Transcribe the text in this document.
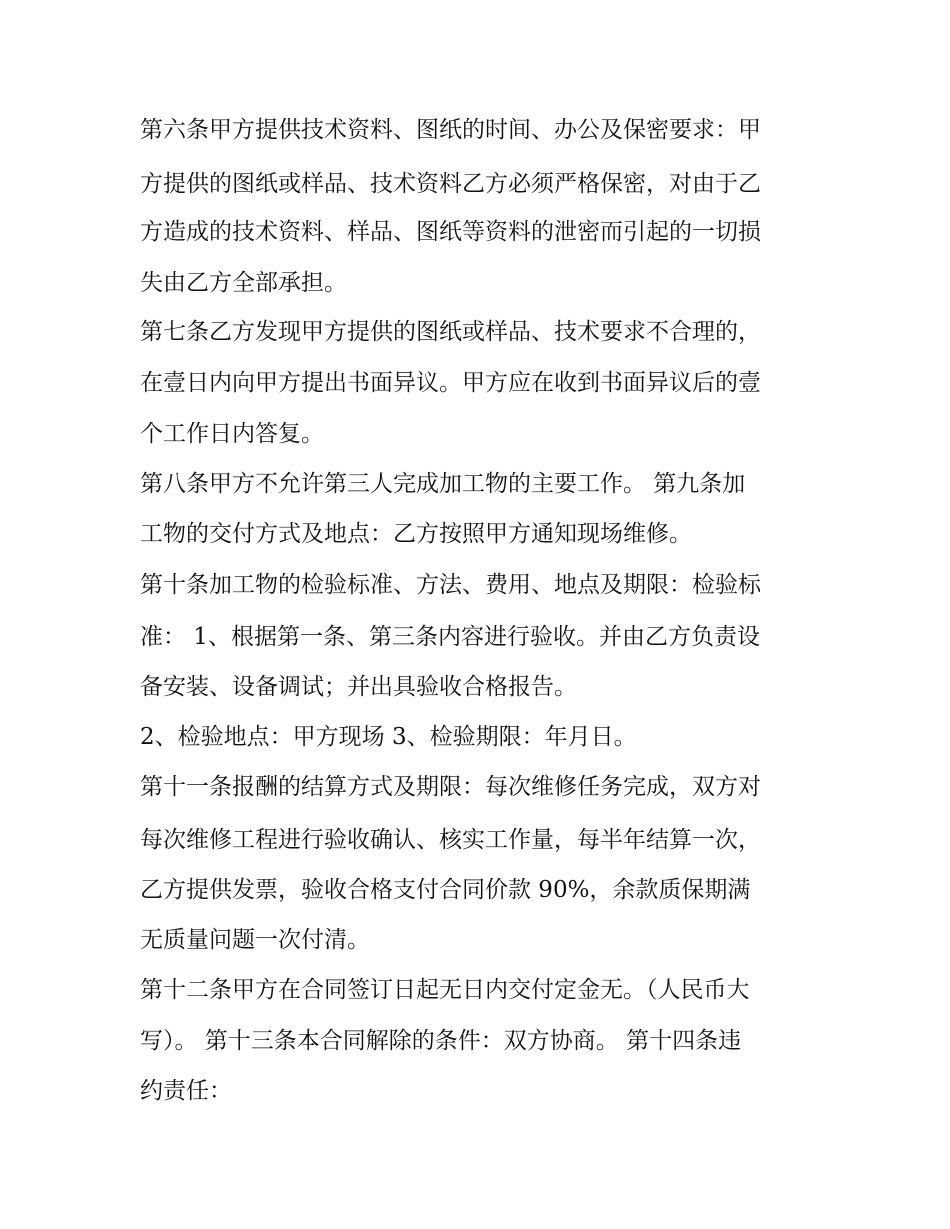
第六条甲方提供技术资料、图纸的时间、办公及保密要求：甲

方提供的图纸或样品、技术资料乙方必须严格保密，对由于乙

方造成的技术资料、样品、图纸等资料的泄密而引起的一切损

失由乙方全部承担。

第七条乙方发现甲方提供的图纸或样品、技术要求不合理的，

在壹日内向甲方提出书面异议。甲方应在收到书面异议后的壹

个工作日内答复。

第八条甲方不允许第三人完成加工物的主要工作。 第九条加

工物的交付方式及地点：乙方按照甲方通知现场维修。

第十条加工物的检验标准、方法、费用、地点及期限：检验标

准： 1、根据第一条、第三条内容进行验收。并由乙方负责设

备安装、设备调试；并出具验收合格报告。

2、检验地点：甲方现场 3、检验期限：年月日。

第十一条报酬的结算方式及期限：每次维修任务完成，双方对

每次维修工程进行验收确认、核实工作量，每半年结算一次，

乙方提供发票，验收合格支付合同价款 90%，余款质保期满

无质量问题一次付清。

第十二条甲方在合同签订日起无日内交付定金无。（人民币大

写）。 第十三条本合同解除的条件：双方协商。 第十四条违

约责任：
